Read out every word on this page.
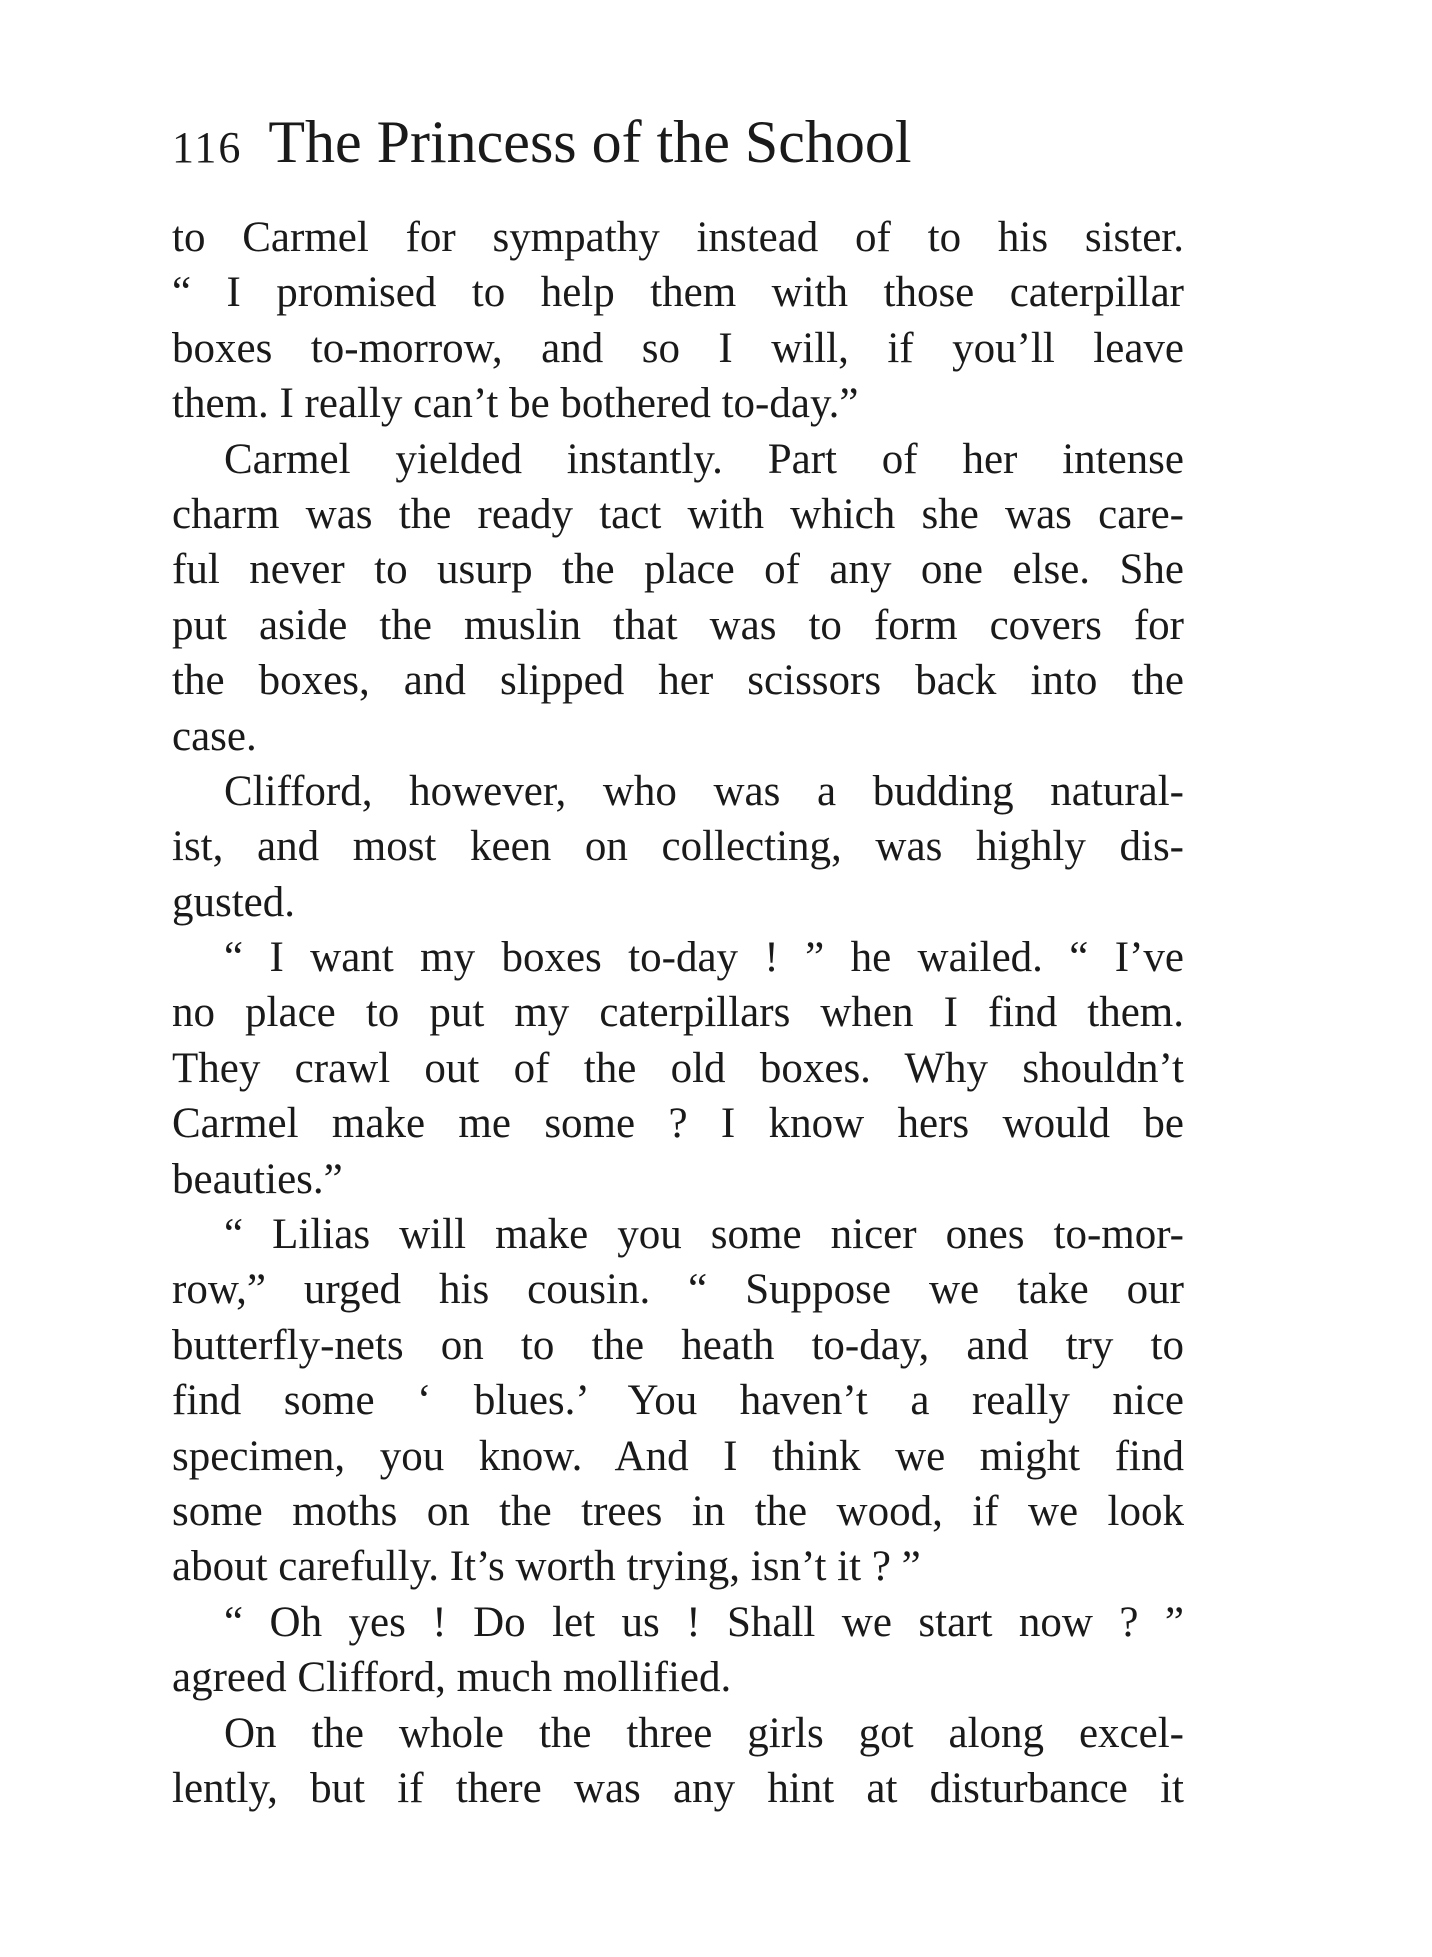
116 The Princess of the School
to Carmel for sympathy instead of to his sister.
“ I promised to help them with those caterpillar
boxes to-morrow, and so I will, if you’ll leave
them. I really can’t be bothered to-day.”
Carmel yielded instantly. Part of her intense
charm was the ready tact with which she was care-
ful never to usurp the place of any one else. She
put aside the muslin that was to form covers for
the boxes, and slipped her scissors back into the
case.
Clifford, however, who was a budding natural-
ist, and most keen on collecting, was highly dis-
gusted.
“ I want my boxes to-day ! ” he wailed. “ I’ve
no place to put my caterpillars when I find them.
They crawl out of the old boxes. Why shouldn’t
Carmel make me some ? I know hers would be
beauties.”
“ Lilias will make you some nicer ones to-mor-
row,” urged his cousin. “ Suppose we take our
butterfly-nets on to the heath to-day, and try to
find some ‘ blues.’ You haven’t a really nice
specimen, you know. And I think we might find
some moths on the trees in the wood, if we look
about carefully. It’s worth trying, isn’t it ? ”
“ Oh yes ! Do let us ! Shall we start now ? ”
agreed Clifford, much mollified.
On the whole the three girls got along excel-
lently, but if there was any hint at disturbance it
